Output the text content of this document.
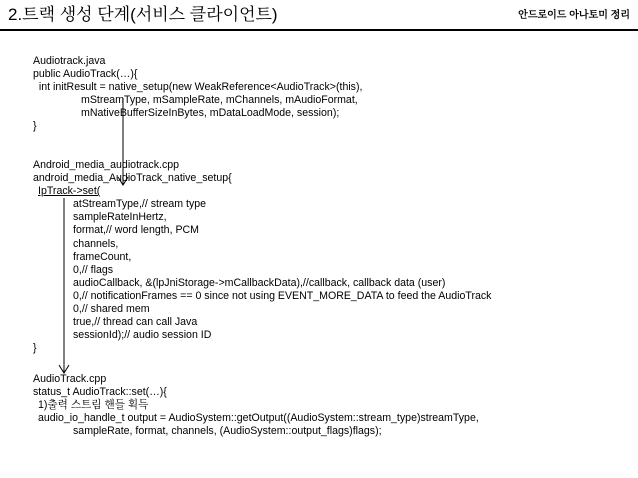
2.트랙 생성 단계(서비스 클라이언트)	안드로이드 아나토미 정리
Audiotrack.java
public AudioTrack(…){
int initResult = native_setup(new WeakReference<AudioTrack>(this),
mStreamType, mSampleRate, mChannels, mAudioFormat,
mNativeBufferSizeInBytes, mDataLoadMode, session);
}
Android_media_audiotrack.cpp
android_media_AudioTrack_native_setup{
IpTrack->set(
atStreamType,// stream type
sampleRateInHertz,
format,// word length, PCM
channels,
frameCount,
0,// flags
audioCallback, &(lpJniStorage->mCallbackData),//callback, callback data (user)
0,// notificationFrames == 0 since not using EVENT_MORE_DATA to feed the AudioTrack
0,// shared mem
true,// thread can call Java
sessionId);// audio session ID
}
AudioTrack.cpp
status_t AudioTrack::set(…){
1)출력 스트림 핸들 획득
audio_io_handle_t output = AudioSystem::getOutput((AudioSystem::stream_type)streamType,
sampleRate, format, channels, (AudioSystem::output_flags)flags);
